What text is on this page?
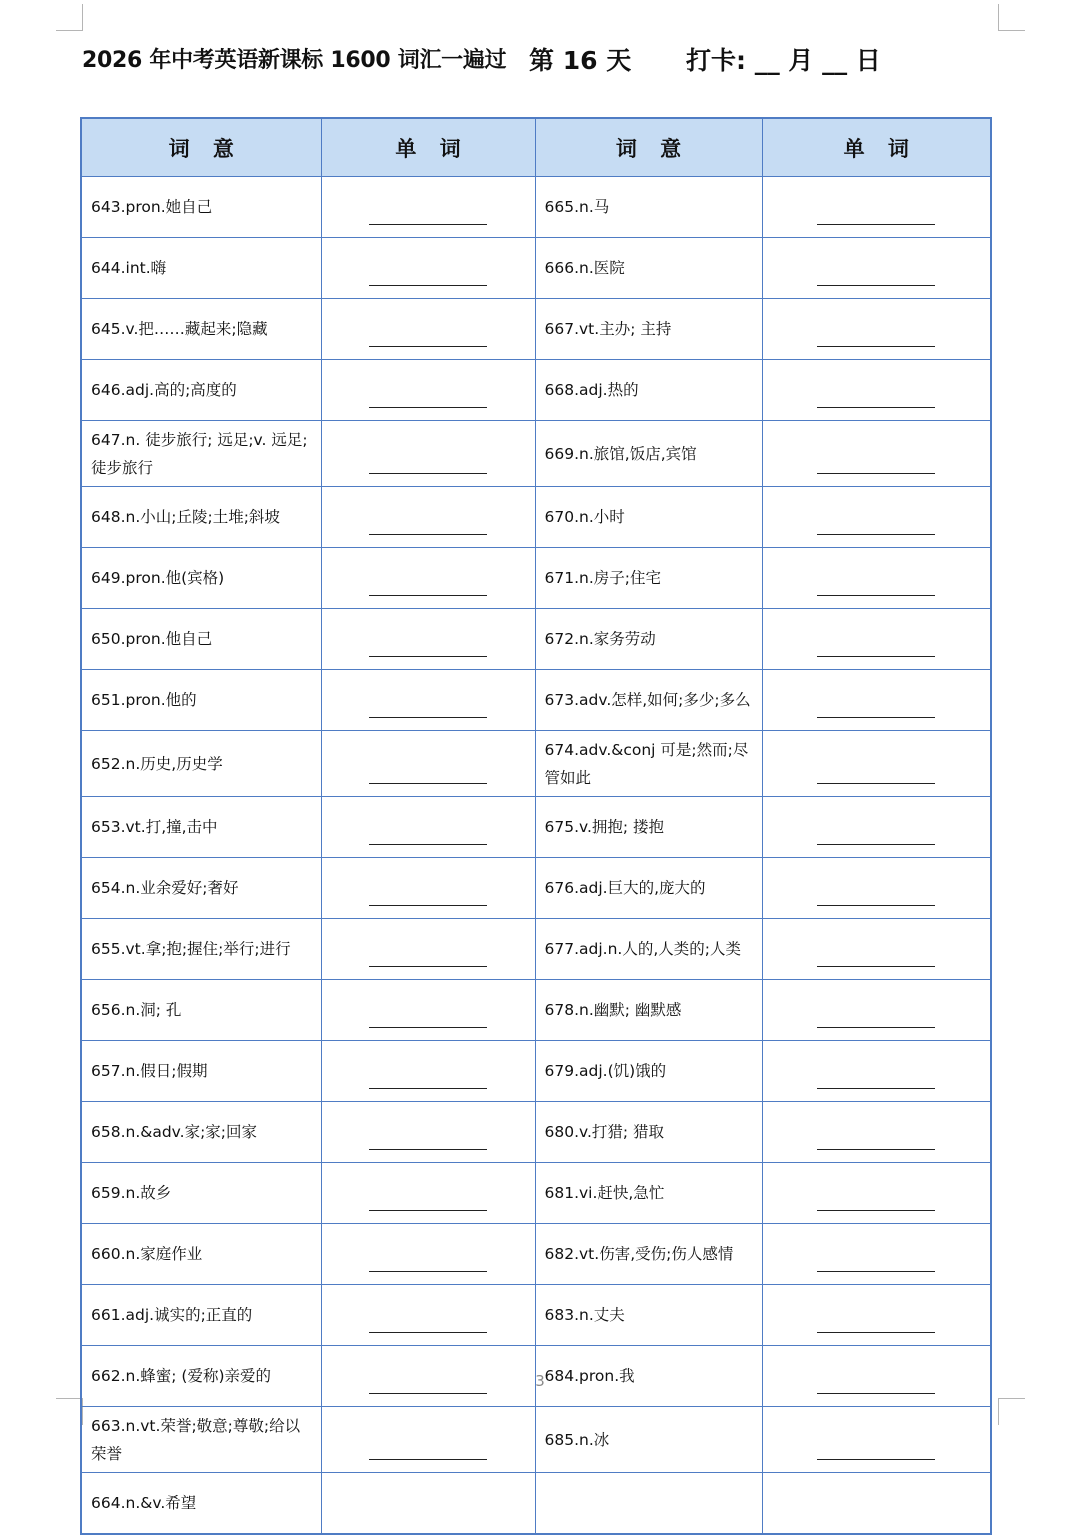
2026 年中考英语新课标 1600 词汇一遍过 第 16 天 打卡: __ 月 __ 日
词 意	单 词	词 意	单 词
643.pron.她自己		665.n.马	
644.int.嗨		666.n.医院	
645.v.把……藏起来;隐藏		667.vt.主办; 主持	
646.adj.高的;高度的		668.adj.热的	
647.n. 徒步旅行; 远足;v. 远足; 徒步旅行		669.n.旅馆,饭店,宾馆	
648.n.小山;丘陵;土堆;斜坡		670.n.小时	
649.pron.他(宾格)		671.n.房子;住宅	
650.pron.他自己		672.n.家务劳动	
651.pron.他的		673.adv.怎样,如何;多少;多么	
652.n.历史,历史学		674.adv.&conj 可是;然而;尽管如此	
653.vt.打,撞,击中		675.v.拥抱; 搂抱	
654.n.业余爱好;奢好		676.adj.巨大的,庞大的	
655.vt.拿;抱;握住;举行;进行		677.adj.n.人的,人类的;人类	
656.n.洞; 孔		678.n.幽默; 幽默感	
657.n.假日;假期		679.adj.(饥)饿的	
658.n.&adv.家;家;回家		680.v.打猎; 猎取	
659.n.故乡		681.vi.赶快,急忙	
660.n.家庭作业		682.vt.伤害,受伤;伤人感情	
661.adj.诚实的;正直的		683.n.丈夫	
662.n.蜂蜜; (爱称)亲爱的		684.pron.我	
663.n.vt.荣誉;敬意;尊敬;给以荣誉		685.n.冰	
664.n.&v.希望			
3
